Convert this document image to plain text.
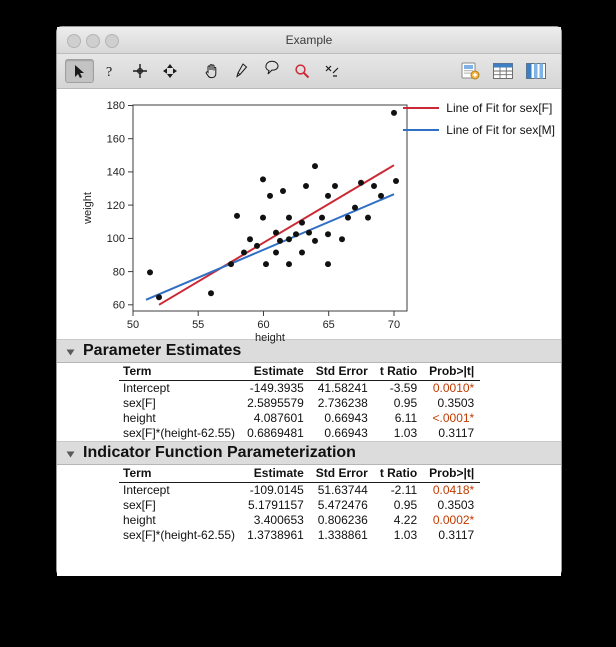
Example
?
60
80
100
120
140
160
180
50	55	60	65	70
height
weight
Line of Fit for sex[F]
Line of Fit for sex[M]
Parameter Estimates
Term	Estimate	Std Error	t Ratio	Prob>|t|
Intercept	-149.3935	41.58241	-3.59	0.0010*
sex[F]	2.5895579	2.736238	0.95	0.3503
height	4.087601	0.66943	6.11	<.0001*
sex[F]*(height-62.55)	0.6869481	0.66943	1.03	0.3117
Indicator Function Parameterization
Term	Estimate	Std Error	t Ratio	Prob>|t|
Intercept	-109.0145	51.63744	-2.11	0.0418*
sex[F]	5.1791157	5.472476	0.95	0.3503
height	3.400653	0.806236	4.22	0.0002*
sex[F]*(height-62.55)	1.3738961	1.338861	1.03	0.3117
